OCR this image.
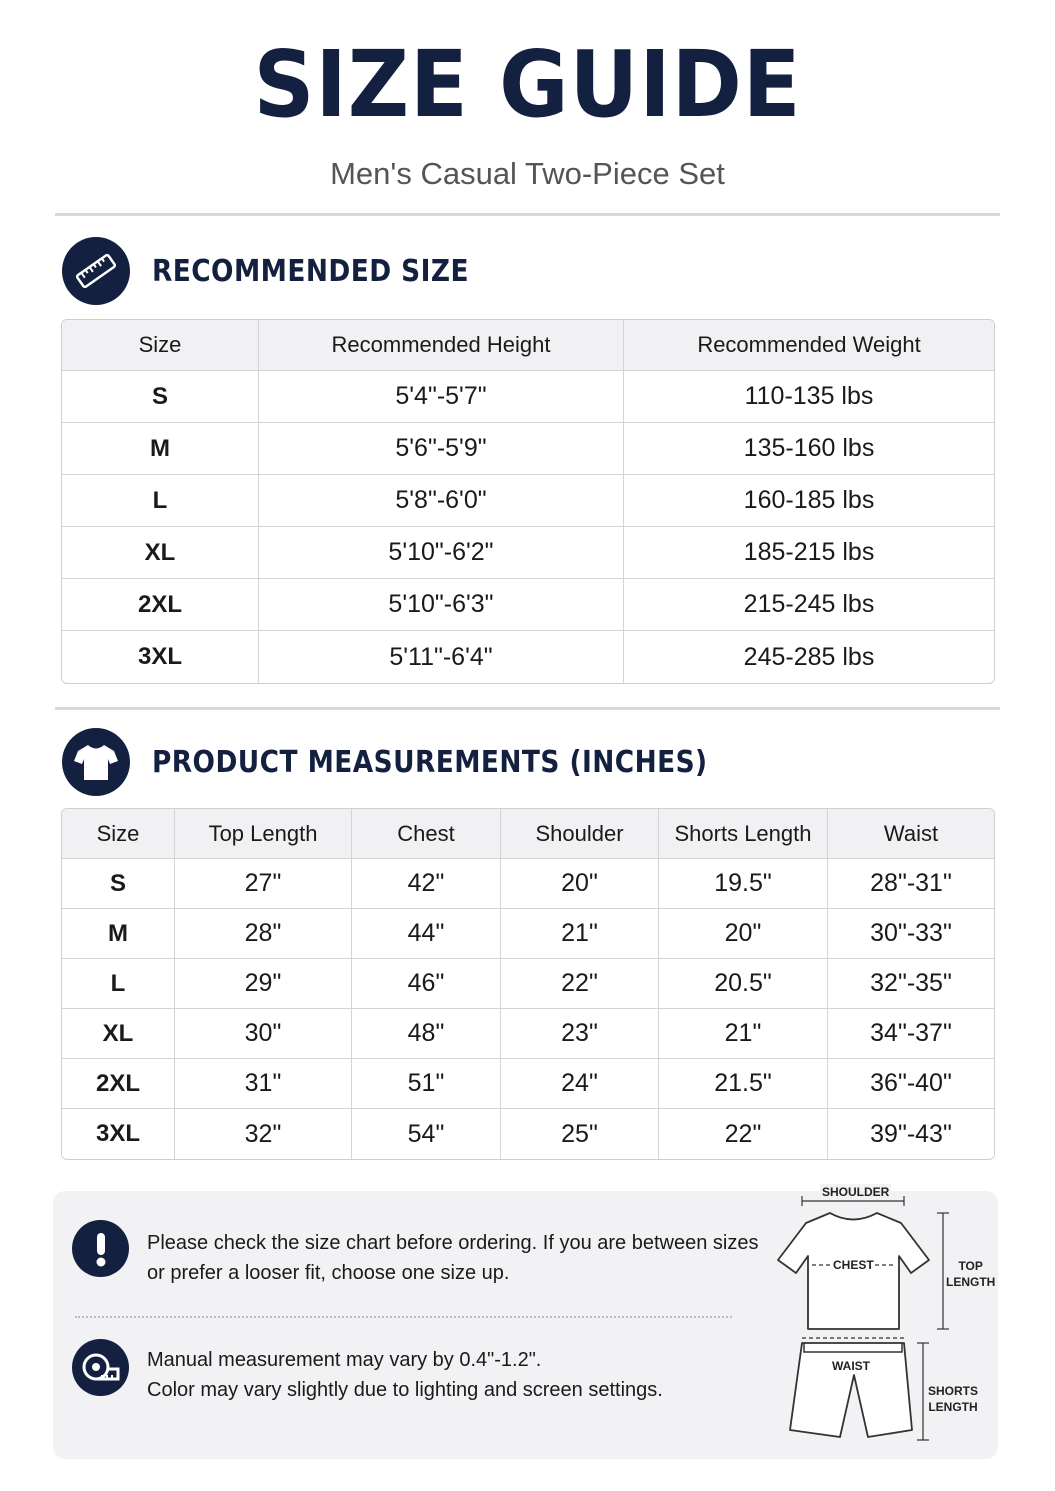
SIZE GUIDE
Men's Casual Two-Piece Set
RECOMMENDED SIZE
Size	Recommended Height	Recommended Weight
S	5'4"-5'7"	110-135 lbs
M	5'6"-5'9"	135-160 lbs
L	5'8"-6'0"	160-185 lbs
XL	5'10"-6'2"	185-215 lbs
2XL	5'10"-6'3"	215-245 lbs
3XL	5'11"-6'4"	245-285 lbs
PRODUCT MEASUREMENTS (INCHES)
Size	Top Length	Chest	Shoulder	Shorts Length	Waist
S	27"	42"	20"	19.5"	28"-31"
M	28"	44"	21"	20"	30"-33"
L	29"	46"	22"	20.5"	32"-35"
XL	30"	48"	23"	21"	34"-37"
2XL	31"	51"	24"	21.5"	36"-40"
3XL	32"	54"	25"	22"	39"-43"
Please check the size chart before ordering. If you are between sizes
or prefer a looser fit, choose one size up.
Manual measurement may vary by 0.4"-1.2".
Color may vary slightly due to lighting and screen settings.
SHOULDER
CHEST	TOP
LENGTH
WAIST
SHORTS
LENGTH
